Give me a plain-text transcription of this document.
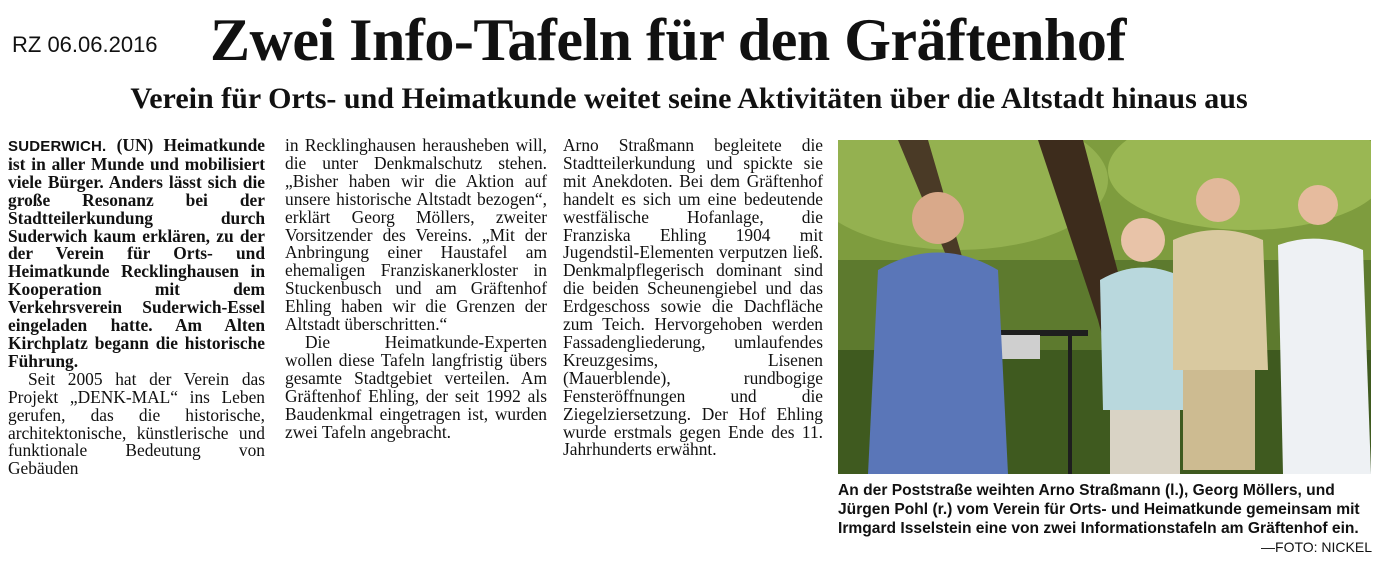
RZ 06.06.2016 Zwei Info-Tafeln für den Gräftenhof
Verein für Orts- und Heimatkunde weitet seine Aktivitäten über die Altstadt hinaus aus

SUDERWICH. (UN) Heimatkunde ist in aller Munde und mobilisiert viele Bürger. Anders lässt sich die große Resonanz bei der Stadtteilerkundung durch Suderwich kaum erklären, zu der der Verein für Orts- und Heimatkunde Recklinghausen in Kooperation mit dem Verkehrsverein Suderwich-Essel eingeladen hatte. Am Alten Kirchplatz begann die historische Führung.

Seit 2005 hat der Verein das Projekt „DENK-MAL“ ins Leben gerufen, das die historische, architektonische, künstlerische und funktionale Bedeutung von Gebäuden

in Recklinghausen herausheben will, die unter Denkmalschutz stehen. „Bisher haben wir die Aktion auf unsere historische Altstadt bezogen“, erklärt Georg Möllers, zweiter Vorsitzender des Vereins. „Mit der Anbringung einer Haustafel am ehemaligen Franziskanerkloster in Stuckenbusch und am Gräftenhof Ehling haben wir die Grenzen der Altstadt überschritten.“

Die Heimatkunde-Experten wollen diese Tafeln langfristig übers gesamte Stadtgebiet verteilen. Am Gräftenhof Ehling, der seit 1992 als Baudenkmal eingetragen ist, wurden zwei Tafeln angebracht.

Arno Straßmann begleitete die Stadtteilerkundung und spickte sie mit Anekdoten. Bei dem Gräftenhof handelt es sich um eine bedeutende westfälische Hofanlage, die Franziska Ehling 1904 mit Jugendstil-Elementen verputzen ließ. Denkmalpflegerisch dominant sind die beiden Scheunengiebel und das Erdgeschoss sowie die Dachfläche zum Teich. Hervorgehoben werden Fassadengliederung, umlaufendes Kreuzgesims, Lisenen (Mauerblende), rundbogige Fensteröffnungen und die Ziegelziersetzung. Der Hof Ehling wurde erstmals gegen Ende des 11. Jahrhunderts erwähnt.

An der Poststraße weihten Arno Straßmann (l.), Georg Möllers, und Jürgen Pohl (r.) vom Verein für Orts- und Heimatkunde gemeinsam mit Irmgard Isselstein eine von zwei Informationstafeln am Gräftenhof ein.
—FOTO: NICKEL
